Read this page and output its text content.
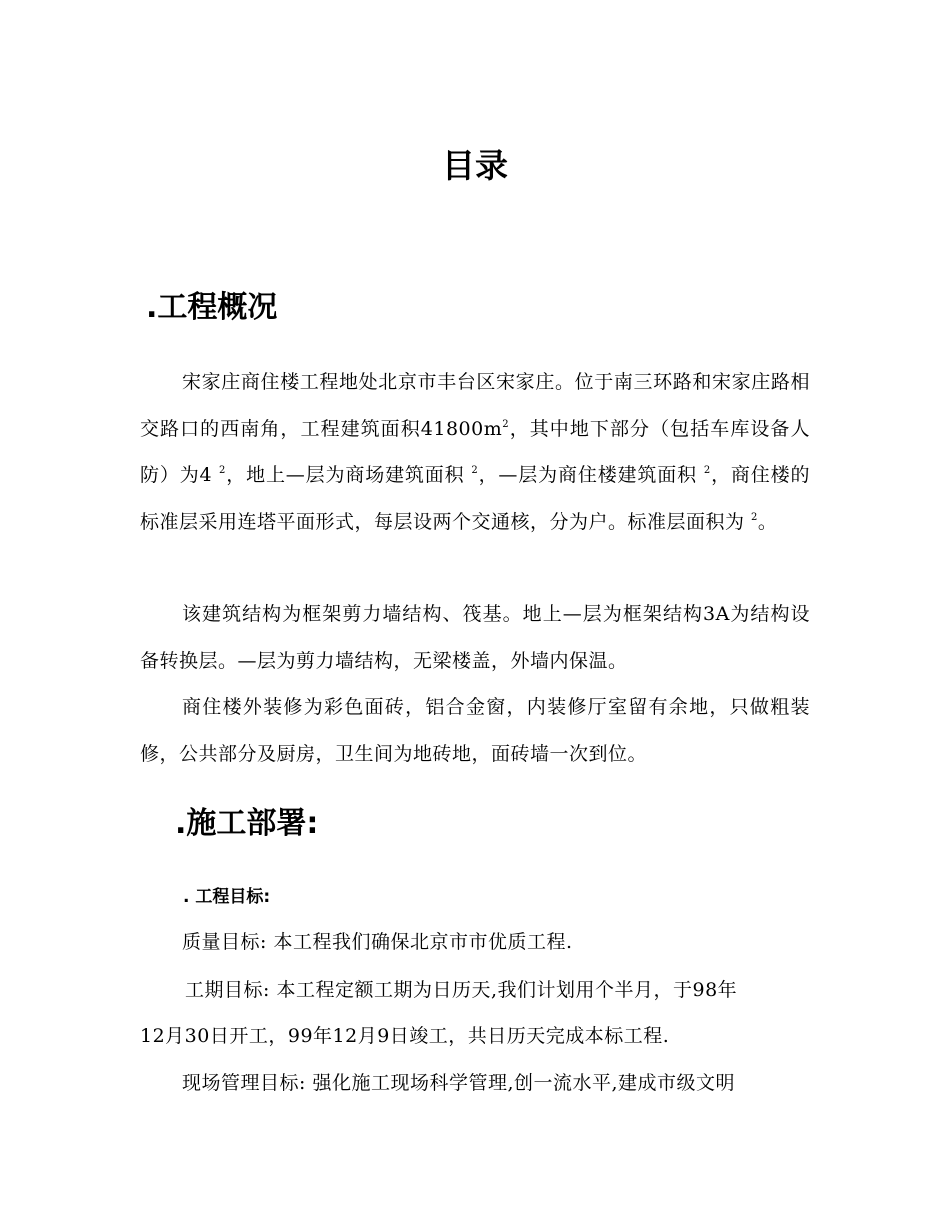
目录
.工程概况

宋家庄商住楼工程地处北京市丰台区宋家庄。位于南三环路和宋家庄路相交路口的西南角，工程建筑面积$41800m^2$，其中地下部分（包括车库设备人防）为4 $^2$，地上—层为商场建筑面积 $^2$，—层为商住楼建筑面积 $^2$，商住楼的标准层采用连塔平面形式，每层设两个交通核，分为户。标准层面积为 $^2$。

该建筑结构为框架剪力墙结构、筏基。地上—层为框架结构3A为结构设备转换层。—层为剪力墙结构，无梁楼盖，外墙内保温。

商住楼外装修为彩色面砖，铝合金窗，内装修厅室留有余地，只做粗装修，公共部分及厨房，卫生间为地砖地，面砖墙一次到位。

.施工部署:
. 工程目标:

质量目标: 本工程我们确保北京市市优质工程.

工期目标: 本工程定额工期为日历天,我们计划用个半月，于98年

12月30日开工，99年12月9日竣工，共日历天完成本标工程.

现场管理目标: 强化施工现场科学管理,创一流水平,建成市级文明
